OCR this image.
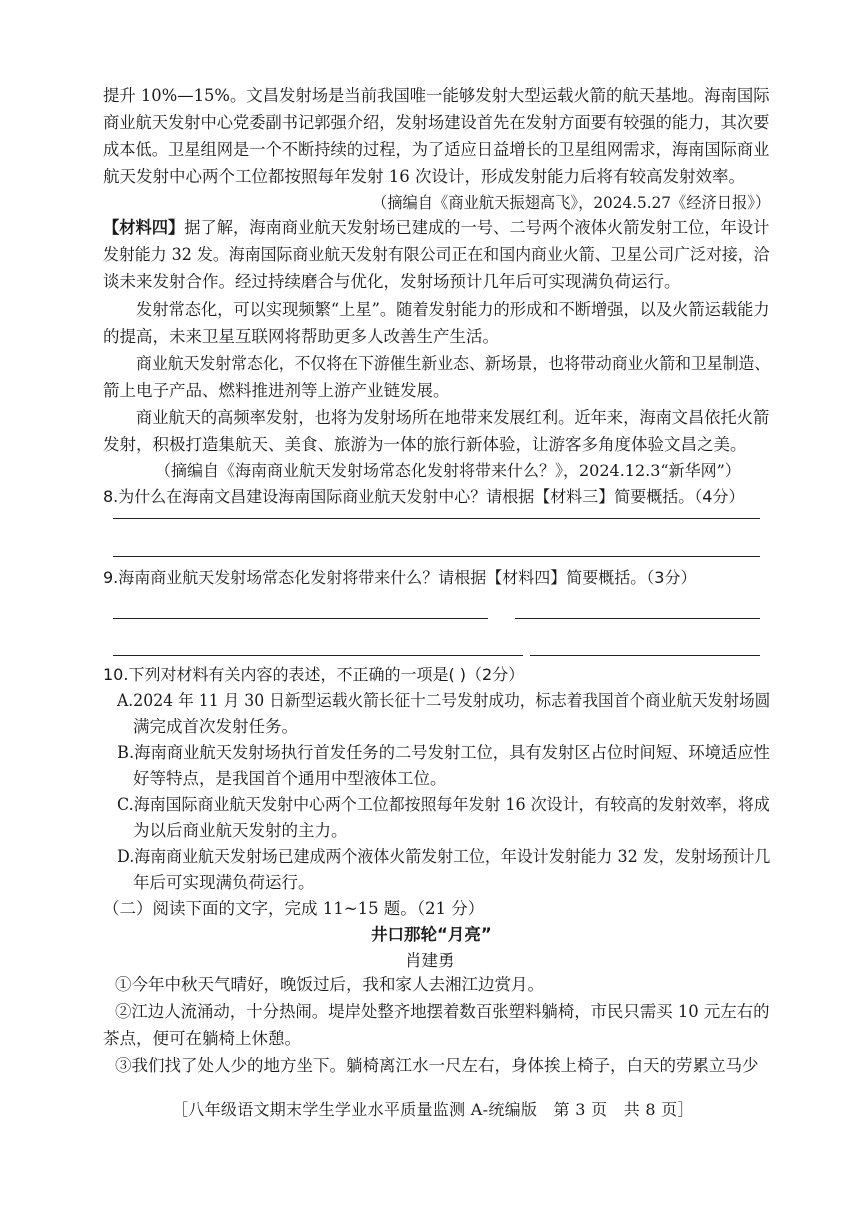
提升 10%—15%。文昌发射场是当前我国唯一能够发射大型运载火箭的航天基地。海南国际
商业航天发射中心党委副书记郭强介绍，发射场建设首先在发射方面要有较强的能力，其次要
成本低。卫星组网是一个不断持续的过程，为了适应日益增长的卫星组网需求，海南国际商业
航天发射中心两个工位都按照每年发射 16 次设计，形成发射能力后将有较高发射效率。
（摘编自《商业航天振翅高飞》，2024.5.27《经济日报》）
【材料四】据了解，海南商业航天发射场已建成的一号、二号两个液体火箭发射工位，年设计
发射能力 32 发。海南国际商业航天发射有限公司正在和国内商业火箭、卫星公司广泛对接，洽
谈未来发射合作。经过持续磨合与优化，发射场预计几年后可实现满负荷运行。
发射常态化，可以实现频繁“上星”。随着发射能力的形成和不断增强，以及火箭运载能力
的提高，未来卫星互联网将帮助更多人改善生产生活。
商业航天发射常态化，不仅将在下游催生新业态、新场景，也将带动商业火箭和卫星制造、
箭上电子产品、燃料推进剂等上游产业链发展。
商业航天的高频率发射，也将为发射场所在地带来发展红利。近年来，海南文昌依托火箭
发射，积极打造集航天、美食、旅游为一体的旅行新体验，让游客多角度体验文昌之美。
（摘编自《海南商业航天发射场常态化发射将带来什么？》，2024.12.3“新华网”）
8.为什么在海南文昌建设海南国际商业航天发射中心？请根据【材料三】简要概括。（4分）
9.海南商业航天发射场常态化发射将带来什么？请根据【材料四】简要概括。（3分）
10.下列对材料有关内容的表述，不正确的一项是( )（2分）
A.2024 年 11 月 30 日新型运载火箭长征十二号发射成功，标志着我国首个商业航天发射场圆
满完成首次发射任务。
B.海南商业航天发射场执行首发任务的二号发射工位，具有发射区占位时间短、环境适应性
好等特点，是我国首个通用中型液体工位。
C.海南国际商业航天发射中心两个工位都按照每年发射 16 次设计，有较高的发射效率，将成
为以后商业航天发射的主力。
D.海南商业航天发射场已建成两个液体火箭发射工位，年设计发射能力 32 发，发射场预计几
年后可实现满负荷运行。
（二）阅读下面的文字，完成 11~15 题。（21 分）
井口那轮“月亮”
肖建勇
①今年中秋天气晴好，晚饭过后，我和家人去湘江边赏月。
②江边人流涌动，十分热闹。堤岸处整齐地摆着数百张塑料躺椅，市民只需买 10 元左右的
茶点，便可在躺椅上休憩。
③我们找了处人少的地方坐下。躺椅离江水一尺左右，身体挨上椅子，白天的劳累立马少
［八年级语文期末学生学业水平质量监测 A-统编版　第 3 页　共 8 页］
